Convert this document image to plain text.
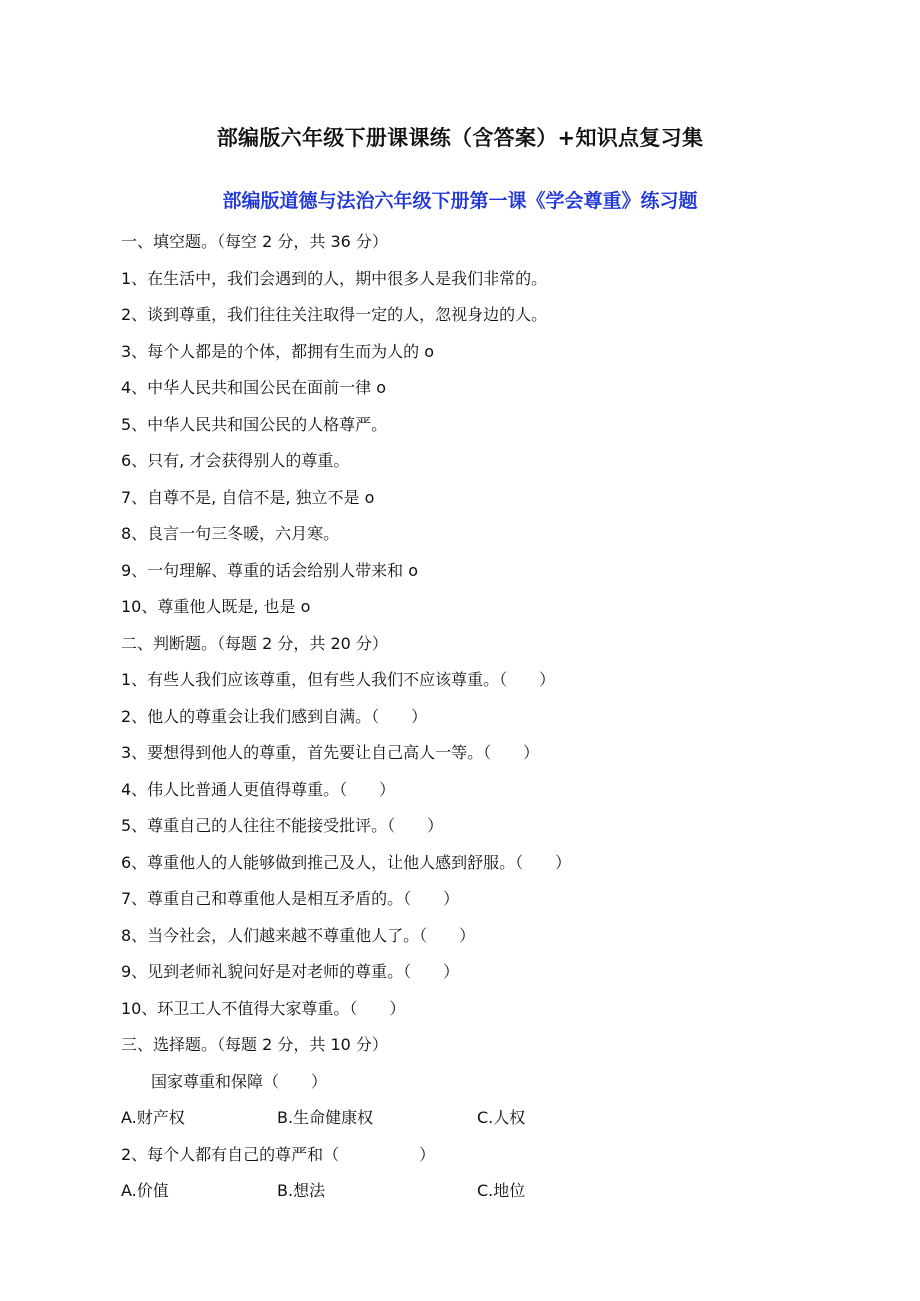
部编版六年级下册课课练（含答案）+知识点复习集
部编版道德与法治六年级下册第一课《学会尊重》练习题
一、填空题。（每空 2 分，共 36 分）
1、在生活中，我们会遇到的人，期中很多人是我们非常的。
2、谈到尊重，我们往往关注取得一定的人，忽视身边的人。
3、每个人都是的个体，都拥有生而为人的 o
4、中华人民共和国公民在面前一律 o
5、中华人民共和国公民的人格尊严。
6、只有, 才会获得别人的尊重。
7、自尊不是, 自信不是, 独立不是 o
8、良言一句三冬暖，六月寒。
9、一句理解、尊重的话会给别人带来和 o
10、尊重他人既是, 也是 o
二、判断题。（每题 2 分，共 20 分）
1、有些人我们应该尊重，但有些人我们不应该尊重。（　　）
2、他人的尊重会让我们感到自满。（　　）
3、要想得到他人的尊重，首先要让自己高人一等。（　　）
4、伟人比普通人更值得尊重。（　　）
5、尊重自己的人往往不能接受批评。（　　）
6、尊重他人的人能够做到推己及人，让他人感到舒服。（　　）
7、尊重自己和尊重他人是相互矛盾的。（　　）
8、当今社会，人们越来越不尊重他人了。（　　）
9、见到老师礼貌问好是对老师的尊重。（　　）
10、环卫工人不值得大家尊重。（　　）
三、选择题。（每题 2 分，共 10 分）
国家尊重和保障（　　）
A.财产权	B.生命健康权	C.人权
2、每个人都有自己的尊严和（　　　　　）
A.价值	B.想法	C.地位
